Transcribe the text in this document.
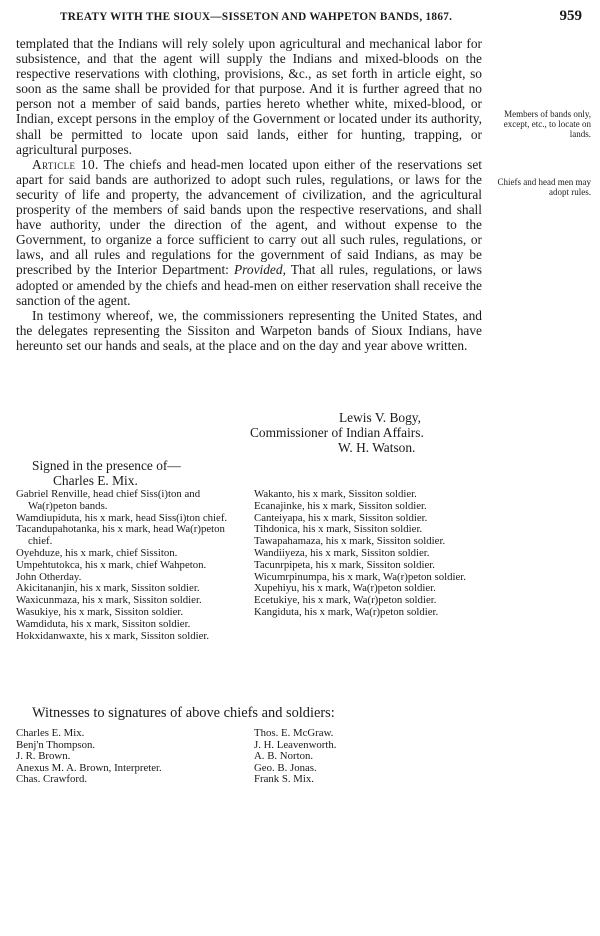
TREATY WITH THE SIOUX—SISSETON AND WAHPETON BANDS, 1867.	959

templated that the Indians will rely solely upon agricultural and mechanical labor for subsistence, and that the agent will supply the Indians and mixed-bloods on the respective reservations with clothing, provisions, &c., as set forth in article eight, so soon as the same shall be provided for that purpose. And it is further agreed that no person not a member of said bands, parties hereto whether white, mixed-blood, or Indian, except persons in the employ of the Government or located under its authority, shall be permitted to locate upon said lands, either for hunting, trapping, or agricultural purposes.

Article 10. The chiefs and head-men located upon either of the reservations set apart for said bands are authorized to adopt such rules, regulations, or laws for the security of life and property, the advancement of civilization, and the agricultural prosperity of the members of said bands upon the respective reservations, and shall have authority, under the direction of the agent, and without expense to the Government, to organize a force sufficient to carry out all such rules, regulations, or laws, and all rules and regulations for the government of said Indians, as may be prescribed by the Interior Department: Provided, That all rules, regulations, or laws adopted or amended by the chiefs and head-men on either reservation shall receive the sanction of the agent.

In testimony whereof, we, the commissioners representing the United States, and the delegates representing the Sissiton and Warpeton bands of Sioux Indians, have hereunto set our hands and seals, at the place and on the day and year above written.

Members of bands only, except, etc., to locate on lands.
Chiefs and head men may adopt rules.
Lewis V. Bogy,
Commissioner of Indian Affairs.
W. H. Watson.
Signed in the presence of—
Charles E. Mix.
Gabriel Renville, head chief Siss(i)ton and Wa(r)peton bands.
Wamdiupiduta, his x mark, head Siss(i)ton chief.
Tacandupahotanka, his x mark, head Wa(r)peton chief.
Oyehduze, his x mark, chief Sissiton.
Umpehtutokca, his x mark, chief Wahpeton.
John Otherday.
Akicitananjin, his x mark, Sissiton soldier.
Waxicunmaza, his x mark, Sissiton soldier.
Wasukiye, his x mark, Sissiton soldier.
Wamdiduta, his x mark, Sissiton soldier.
Hokxidanwaxte, his x mark, Sissiton soldier.
Wakanto, his x mark, Sissiton soldier.
Ecanajinke, his x mark, Sissiton soldier.
Canteiyapa, his x mark, Sissiton soldier.
Tihdonica, his x mark, Sissiton soldier.
Tawapahamaza, his x mark, Sissiton soldier.
Wandiiyeza, his x mark, Sissiton soldier.
Tacunrpipeta, his x mark, Sissiton soldier.
Wicumrpinumpa, his x mark, Wa(r)peton soldier.
Xupehiyu, his x mark, Wa(r)peton soldier.
Ecetukiye, his x mark, Wa(r)peton soldier.
Kangiduta, his x mark, Wa(r)peton soldier.
Witnesses to signatures of above chiefs and soldiers:
Charles E. Mix.
Benj'n Thompson.
J. R. Brown.
Anexus M. A. Brown, Interpreter.
Chas. Crawford.
Thos. E. McGraw.
J. H. Leavenworth.
A. B. Norton.
Geo. B. Jonas.
Frank S. Mix.
